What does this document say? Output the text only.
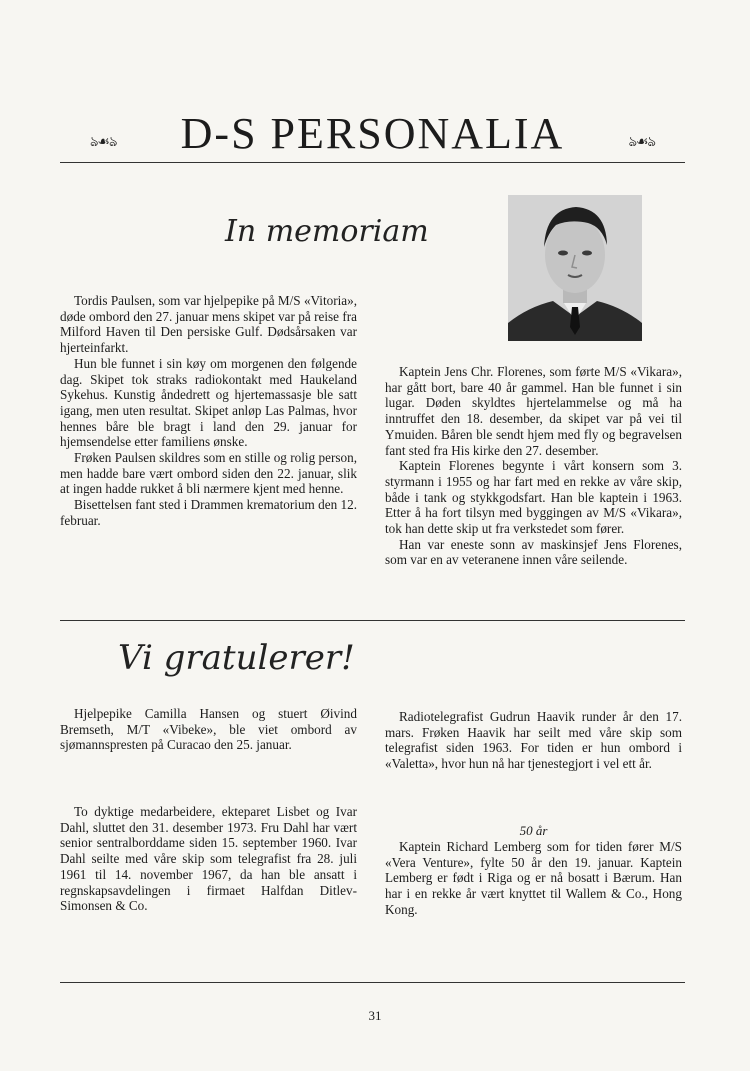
ঌ☙ঌ	D-S PERSONALIA	ঌ☙ঌ
In memoriam

Tordis Paulsen, som var hjelpepike på M/S «Vitoria», døde ombord den 27. januar mens skipet var på reise fra Milford Haven til Den persiske Gulf. Dødsårsaken var hjerteinfarkt.

Hun ble funnet i sin køy om morgenen den følgende dag. Skipet tok straks radiokontakt med Haukeland Sykehus. Kunstig åndedrett og hjertemassasje ble satt igang, men uten resultat. Skipet anløp Las Palmas, hvor hennes båre ble bragt i land den 29. januar for hjemsendelse etter familiens ønske.

Frøken Paulsen skildres som en stille og rolig person, men hadde bare vært ombord siden den 22. januar, slik at ingen hadde rukket å bli nærmere kjent med henne.

Bisettelsen fant sted i Drammen krematorium den 12. februar.

Kaptein Jens Chr. Florenes, som førte M/S «Vikara», har gått bort, bare 40 år gammel. Han ble funnet i sin lugar. Døden skyldtes hjertelammelse og må ha inntruffet den 18. desember, da skipet var på vei til Ymuiden. Båren ble sendt hjem med fly og begravelsen fant sted fra His kirke den 27. desember.

Kaptein Florenes begynte i vårt konsern som 3. styrmann i 1955 og har fart med en rekke av våre skip, både i tank og stykkgodsfart. Han ble kaptein i 1963. Etter å ha fort tilsyn med byggingen av M/S «Vikara», tok han dette skip ut fra verkstedet som fører.

Han var eneste sonn av maskinsjef Jens Florenes, som var en av veteranene innen våre seilende.

Vi gratulerer!

Hjelpepike Camilla Hansen og stuert Øivind Bremseth, M/T «Vibeke», ble viet ombord av sjømannspresten på Curacao den 25. januar.

To dyktige medarbeidere, ekteparet Lisbet og Ivar Dahl, sluttet den 31. desember 1973. Fru Dahl har vært senior sentralborddame siden 15. september 1960. Ivar Dahl seilte med våre skip som telegrafist fra 28. juli 1961 til 14. november 1967, da han ble ansatt i regnskapsavdelingen i firmaet Halfdan Ditlev-Simonsen & Co.

Radiotelegrafist Gudrun Haavik runder år den 17. mars. Frøken Haavik har seilt med våre skip som telegrafist siden 1963. For tiden er hun ombord i «Valetta», hvor hun nå har tjenestegjort i vel ett år.

50 år

Kaptein Richard Lemberg som for tiden fører M/S «Vera Venture», fylte 50 år den 19. januar. Kaptein Lemberg er født i Riga og er nå bosatt i Bærum. Han har i en rekke år vært knyttet til Wallem & Co., Hong Kong.

31
